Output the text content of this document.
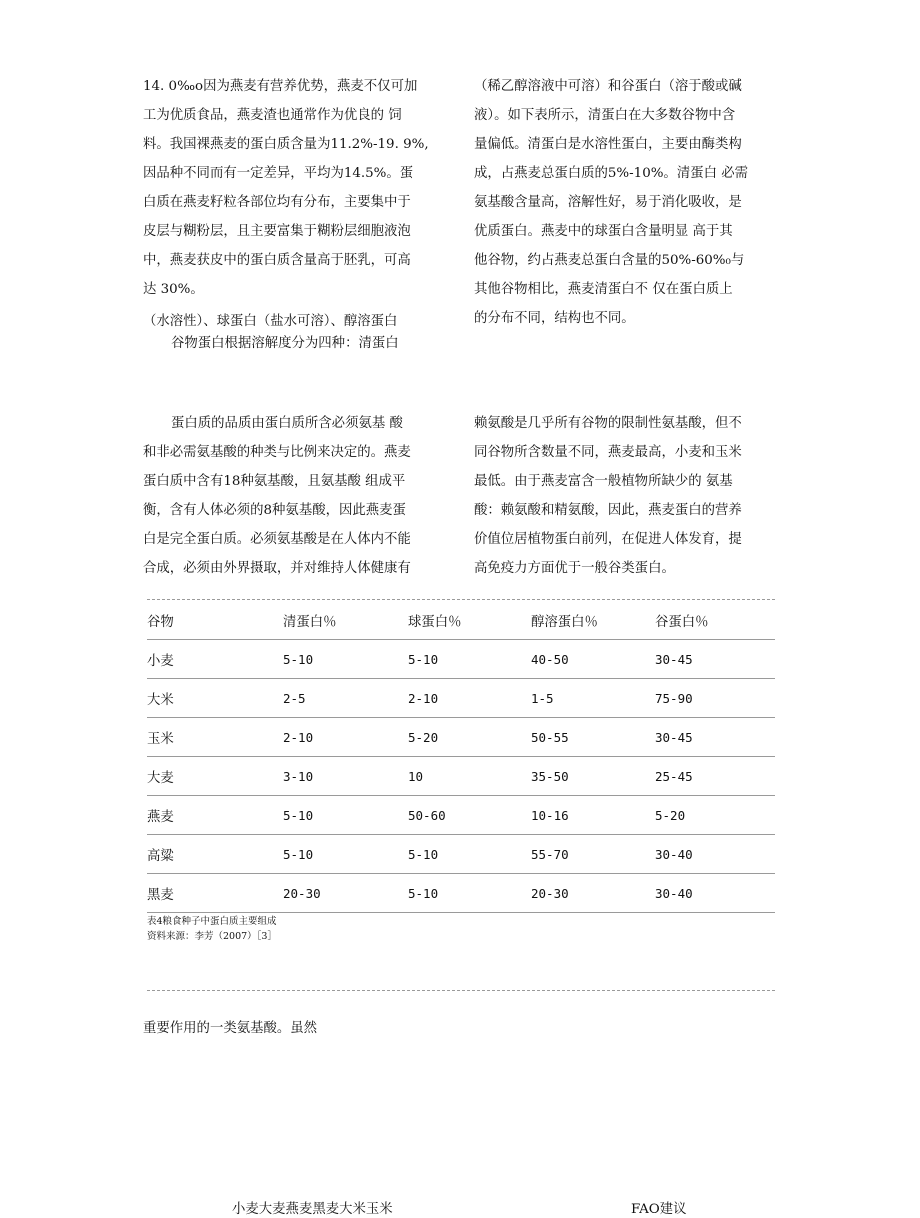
14. 0‰o因为燕麦有营养优势，燕麦不仅可加
工为优质食品，燕麦渣也通常作为优良的 饲
料。我国裸燕麦的蛋白质含量为11.2%-19. 9%,
因品种不同而有一定差异，平均为14.5%。蛋
白质在燕麦籽粒各部位均有分布，主要集中于
皮层与糊粉层，且主要富集于糊粉层细胞液泡
中，燕麦获皮中的蛋白质含量高于胚乳，可高
达 30%。
（水溶性）、球蛋白（盐水可溶）、醇溶蛋白
谷物蛋白根据溶解度分为四种：清蛋白
（稀乙醇溶液中可溶）和谷蛋白（溶于酸或碱
液）。如下表所示，清蛋白在大多数谷物中含
量偏低。清蛋白是水溶性蛋白，主要由酶类构
成，占燕麦总蛋白质的5%-10%。清蛋白 必需
氨基酸含量高，溶解性好，易于消化吸收，是
优质蛋白。燕麦中的球蛋白含量明显 高于其
他谷物，约占燕麦总蛋白含量的50%-60%₀与
其他谷物相比，燕麦清蛋白不 仅在蛋白质上
的分布不同，结构也不同。
蛋白质的品质由蛋白质所含必须氨基 酸
和非必需氨基酸的种类与比例来决定的。燕麦
蛋白质中含有18种氨基酸，且氨基酸 组成平
衡，含有人体必须的8种氨基酸，因此燕麦蛋
白是完全蛋白质。必须氨基酸是在人体内不能
合成，必须由外界摄取，并对维持人体健康有
赖氨酸是几乎所有谷物的限制性氨基酸，但不
同谷物所含数量不同，燕麦最高，小麦和玉米
最低。由于燕麦富含一般植物所缺少的 氨基
酸：赖氨酸和精氨酸，因此，燕麦蛋白的营养
价值位居植物蛋白前列，在促进人体发育，提
高免疫力方面优于一般谷类蛋白。
谷物	清蛋白％	球蛋白％	醇溶蛋白％	谷蛋白％
小麦	5-10	5-10	40-50	30-45
大米	2-5	2-10	1-5	75-90
玉米	2-10	5-20	50-55	30-45
大麦	3-10	10	35-50	25-45
燕麦	5-10	50-60	10-16	5-20
高粱	5-10	5-10	55-70	30-40
黑麦	20-30	5-10	20-30	30-40
表4粮食种子中蛋白质主要组成
资料来源：李芳（2007）［3］
重要作用的一类氨基酸。虽然
小麦大麦燕麦黑麦大米玉米	FAO建议
